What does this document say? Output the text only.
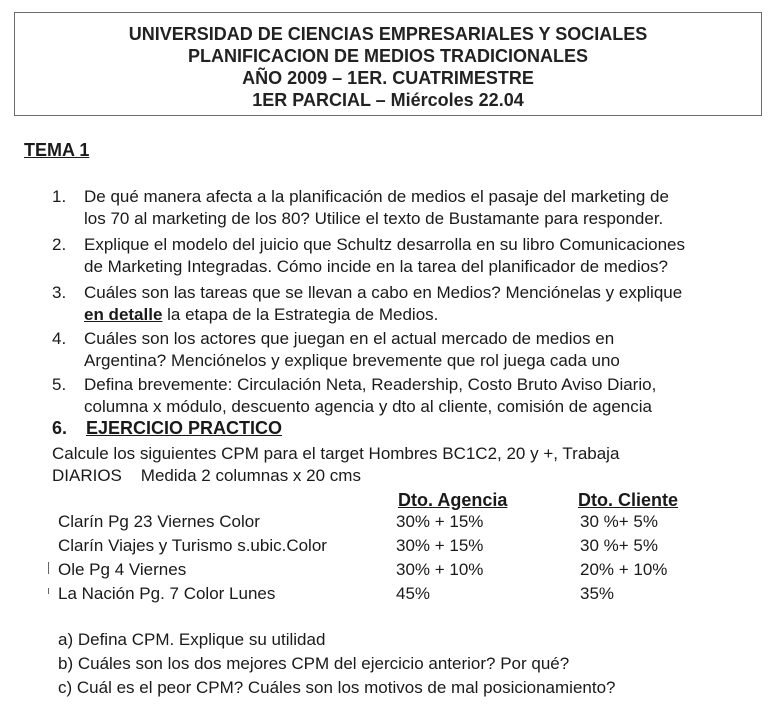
UNIVERSIDAD DE CIENCIAS EMPRESARIALES Y SOCIALES
PLANIFICACION DE MEDIOS TRADICIONALES
AÑO 2009 – 1ER. CUATRIMESTRE
1ER PARCIAL – Miércoles 22.04
TEMA 1
1. De qué manera afecta a la planificación de medios el pasaje del marketing de
los 70 al marketing de los 80? Utilice el texto de Bustamante para responder.
2. Explique el modelo del juicio que Schultz desarrolla en su libro Comunicaciones
de Marketing Integradas. Cómo incide en la tarea del planificador de medios?
3. Cuáles son las tareas que se llevan a cabo en Medios? Menciónelas y explique
en detalle la etapa de la Estrategia de Medios.
4. Cuáles son los actores que juegan en el actual mercado de medios en
Argentina? Menciónelos y explique brevemente que rol juega cada uno
5. Defina brevemente: Circulación Neta, Readership, Costo Bruto Aviso Diario,
columna x módulo, descuento agencia y dto al cliente, comisión de agencia
6. EJERCICIO PRACTICO
Calcule los siguientes CPM para el target Hombres BC1C2, 20 y +, Trabaja
DIARIOS    Medida 2 columnas x 20 cms
Dto. Agencia	Dto. Cliente
Clarín Pg 23 Viernes Color	30% + 15%	30 %+ 5%
Clarín Viajes y Turismo s.ubic.Color	30% + 15%	30 %+ 5%
Ole Pg 4 Viernes	30% + 10%	20% + 10%
La Nación Pg. 7 Color Lunes	45%	35%
a) Defina CPM. Explique su utilidad
b) Cuáles son los dos mejores CPM del ejercicio anterior? Por qué?
c) Cuál es el peor CPM? Cuáles son los motivos de mal posicionamiento?
